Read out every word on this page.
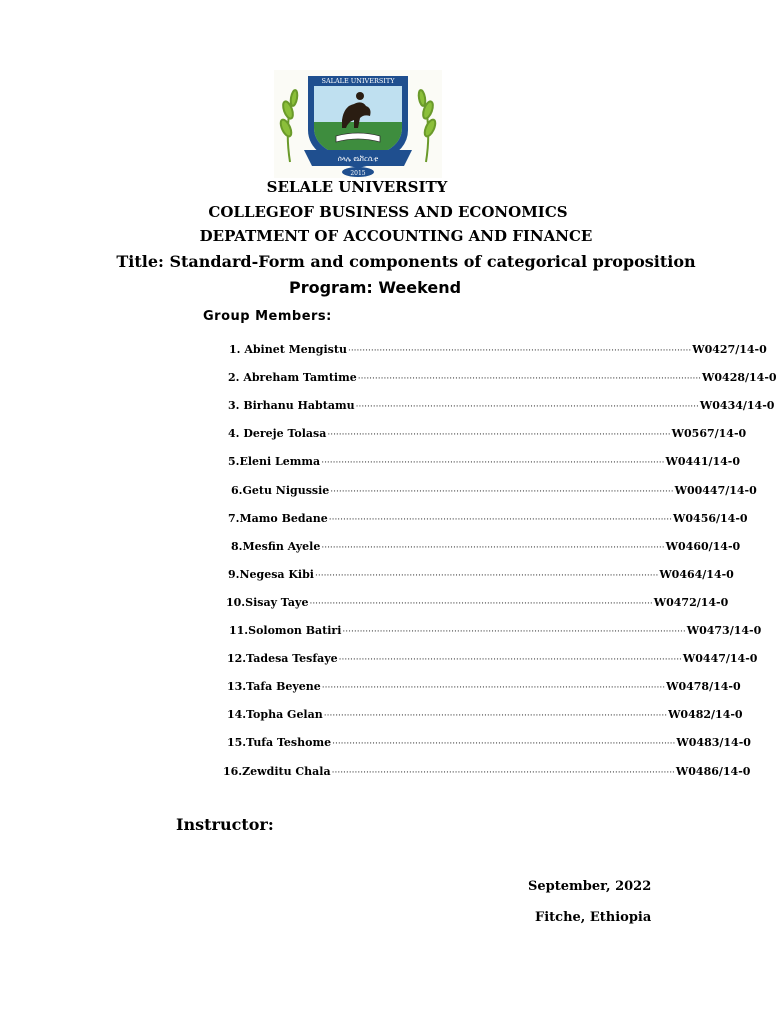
SALALE UNIVERSITY
ሰላሌ ዩኒቨርሲቲ
2015
SELALE UNIVERSITY
COLLEGEOF BUSINESS AND ECONOMICS
DEPATMENT OF ACCOUNTING AND FINANCE
Title: Standard-Form and components of categorical proposition
Program: Weekend
Group Members:
1. Abinet Mengistu ························································································································ W0427/14-0
2. Abreham Tamtime ························································································································ W0428/14-0
3. Birhanu Habtamu ························································································································ W0434/14-0
4. Dereje Tolasa ························································································································ W0567/14-0
5.Eleni Lemma ························································································································ W0441/14-0
6.Getu Nigussie ························································································································ W00447/14-0
7.Mamo Bedane ························································································································ W0456/14-0
8.Mesfin Ayele ························································································································ W0460/14-0
9.Negesa Kibi ························································································································ W0464/14-0
10.Sisay Taye ························································································································ W0472/14-0
11.Solomon Batiri ························································································································ W0473/14-0
12.Tadesa Tesfaye ························································································································ W0447/14-0
13.Tafa Beyene ························································································································ W0478/14-0
14.Topha Gelan ························································································································ W0482/14-0
15.Tufa Teshome ························································································································ W0483/14-0
16.Zewditu Chala ························································································································ W0486/14-0
Instructor:
September, 2022
Fitche, Ethiopia
